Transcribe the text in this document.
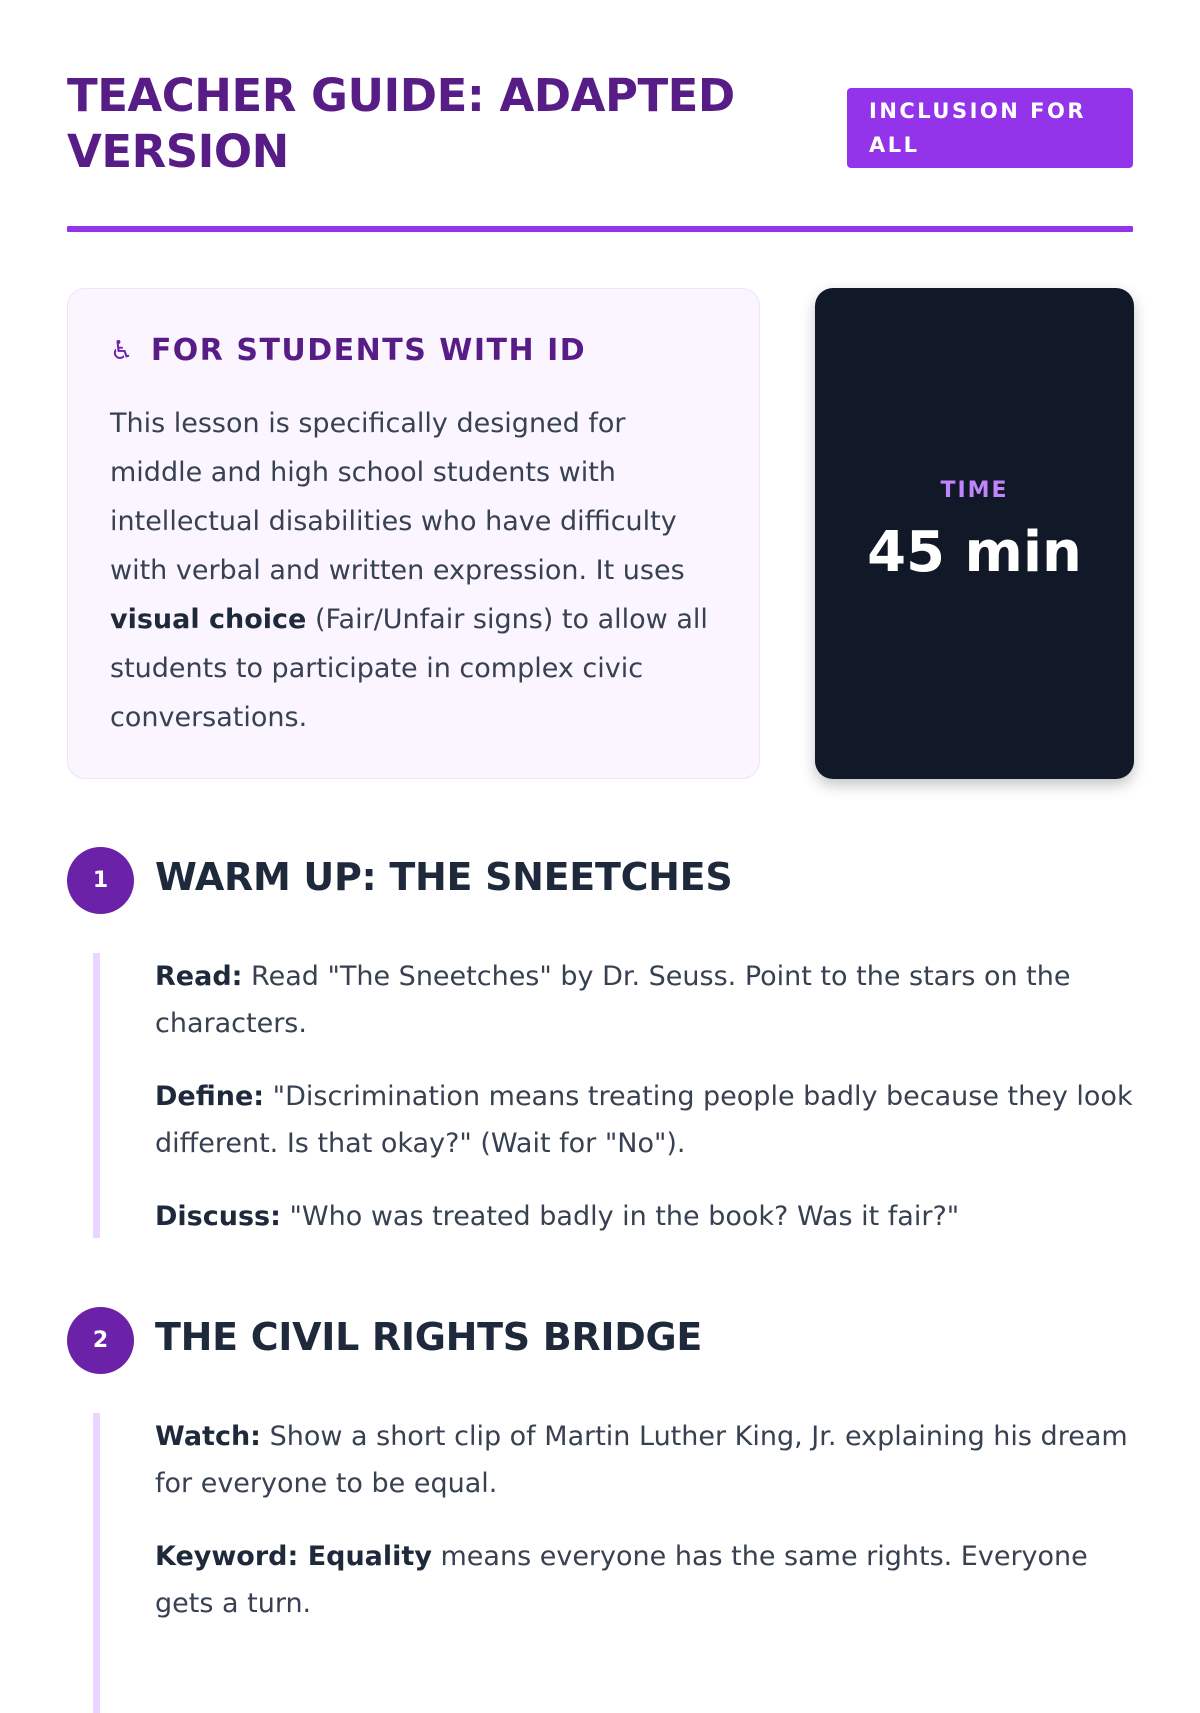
TEACHER GUIDE: ADAPTED VERSION
INCLUSION FOR ALL
♿ FOR STUDENTS WITH ID

This lesson is specifically designed for middle and high school students with intellectual disabilities who have difficulty with verbal and written expression. It uses visual choice (Fair/Unfair signs) to allow all students to participate in complex civic conversations.

TIME
45 min
1	WARM UP: THE SNEETCHES

Read: Read "The Sneetches" by Dr. Seuss. Point to the stars on the characters.

Define: "Discrimination means treating people badly because they look different. Is that okay?" (Wait for "No").

Discuss: "Who was treated badly in the book? Was it fair?"

2	THE CIVIL RIGHTS BRIDGE

Watch: Show a short clip of Martin Luther King, Jr. explaining his dream for everyone to be equal.

Keyword: Equality means everyone has the same rights. Everyone gets a turn.
